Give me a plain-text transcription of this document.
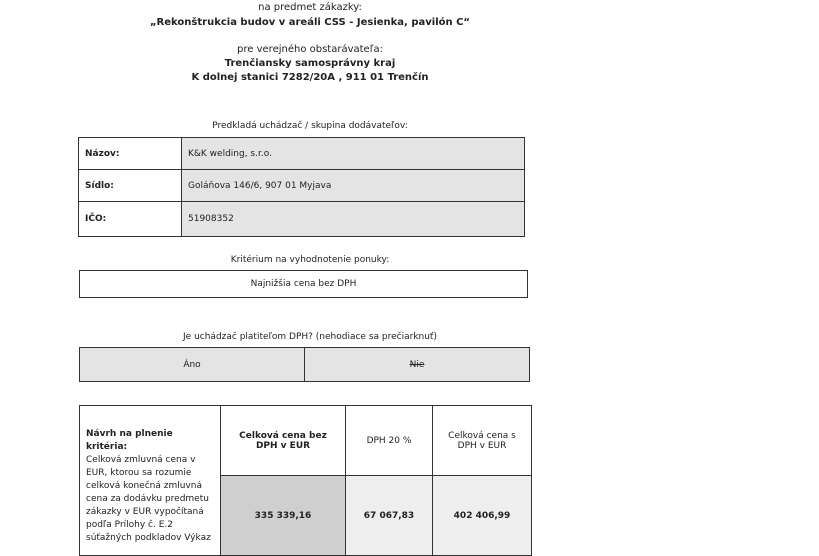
na predmet zákazky:
„Rekonštrukcia budov v areáli CSS - Jesienka, pavilón C“
pre verejného obstarávateľa:
Trenčiansky samosprávny kraj
K dolnej stanici 7282/20A , 911 01 Trenčín
Predkladá uchádzač / skupina dodávateľov:
Názov:	K&K welding, s.r.o.
Sídlo:	Goláňova 146/6, 907 01 Myjava
IČO:	51908352
Kritérium na vyhodnotenie ponuky:
Najnižšia cena bez DPH
Je uchádzač platiteľom DPH? (nehodiace sa prečiarknuť)
Áno	Nie
Návrh na plnenie kritéria:
Celková zmluvná cena v EUR, ktorou sa rozumie celková konečná zmluvná cena za dodávku predmetu zákazky v EUR vypočítaná podľa Prílohy č. E.2 súťažných podkladov Výkaz	Celková cena bez DPH v EUR	DPH 20 %	Celková cena s DPH v EUR
	335 339,16	67 067,83	402 406,99
